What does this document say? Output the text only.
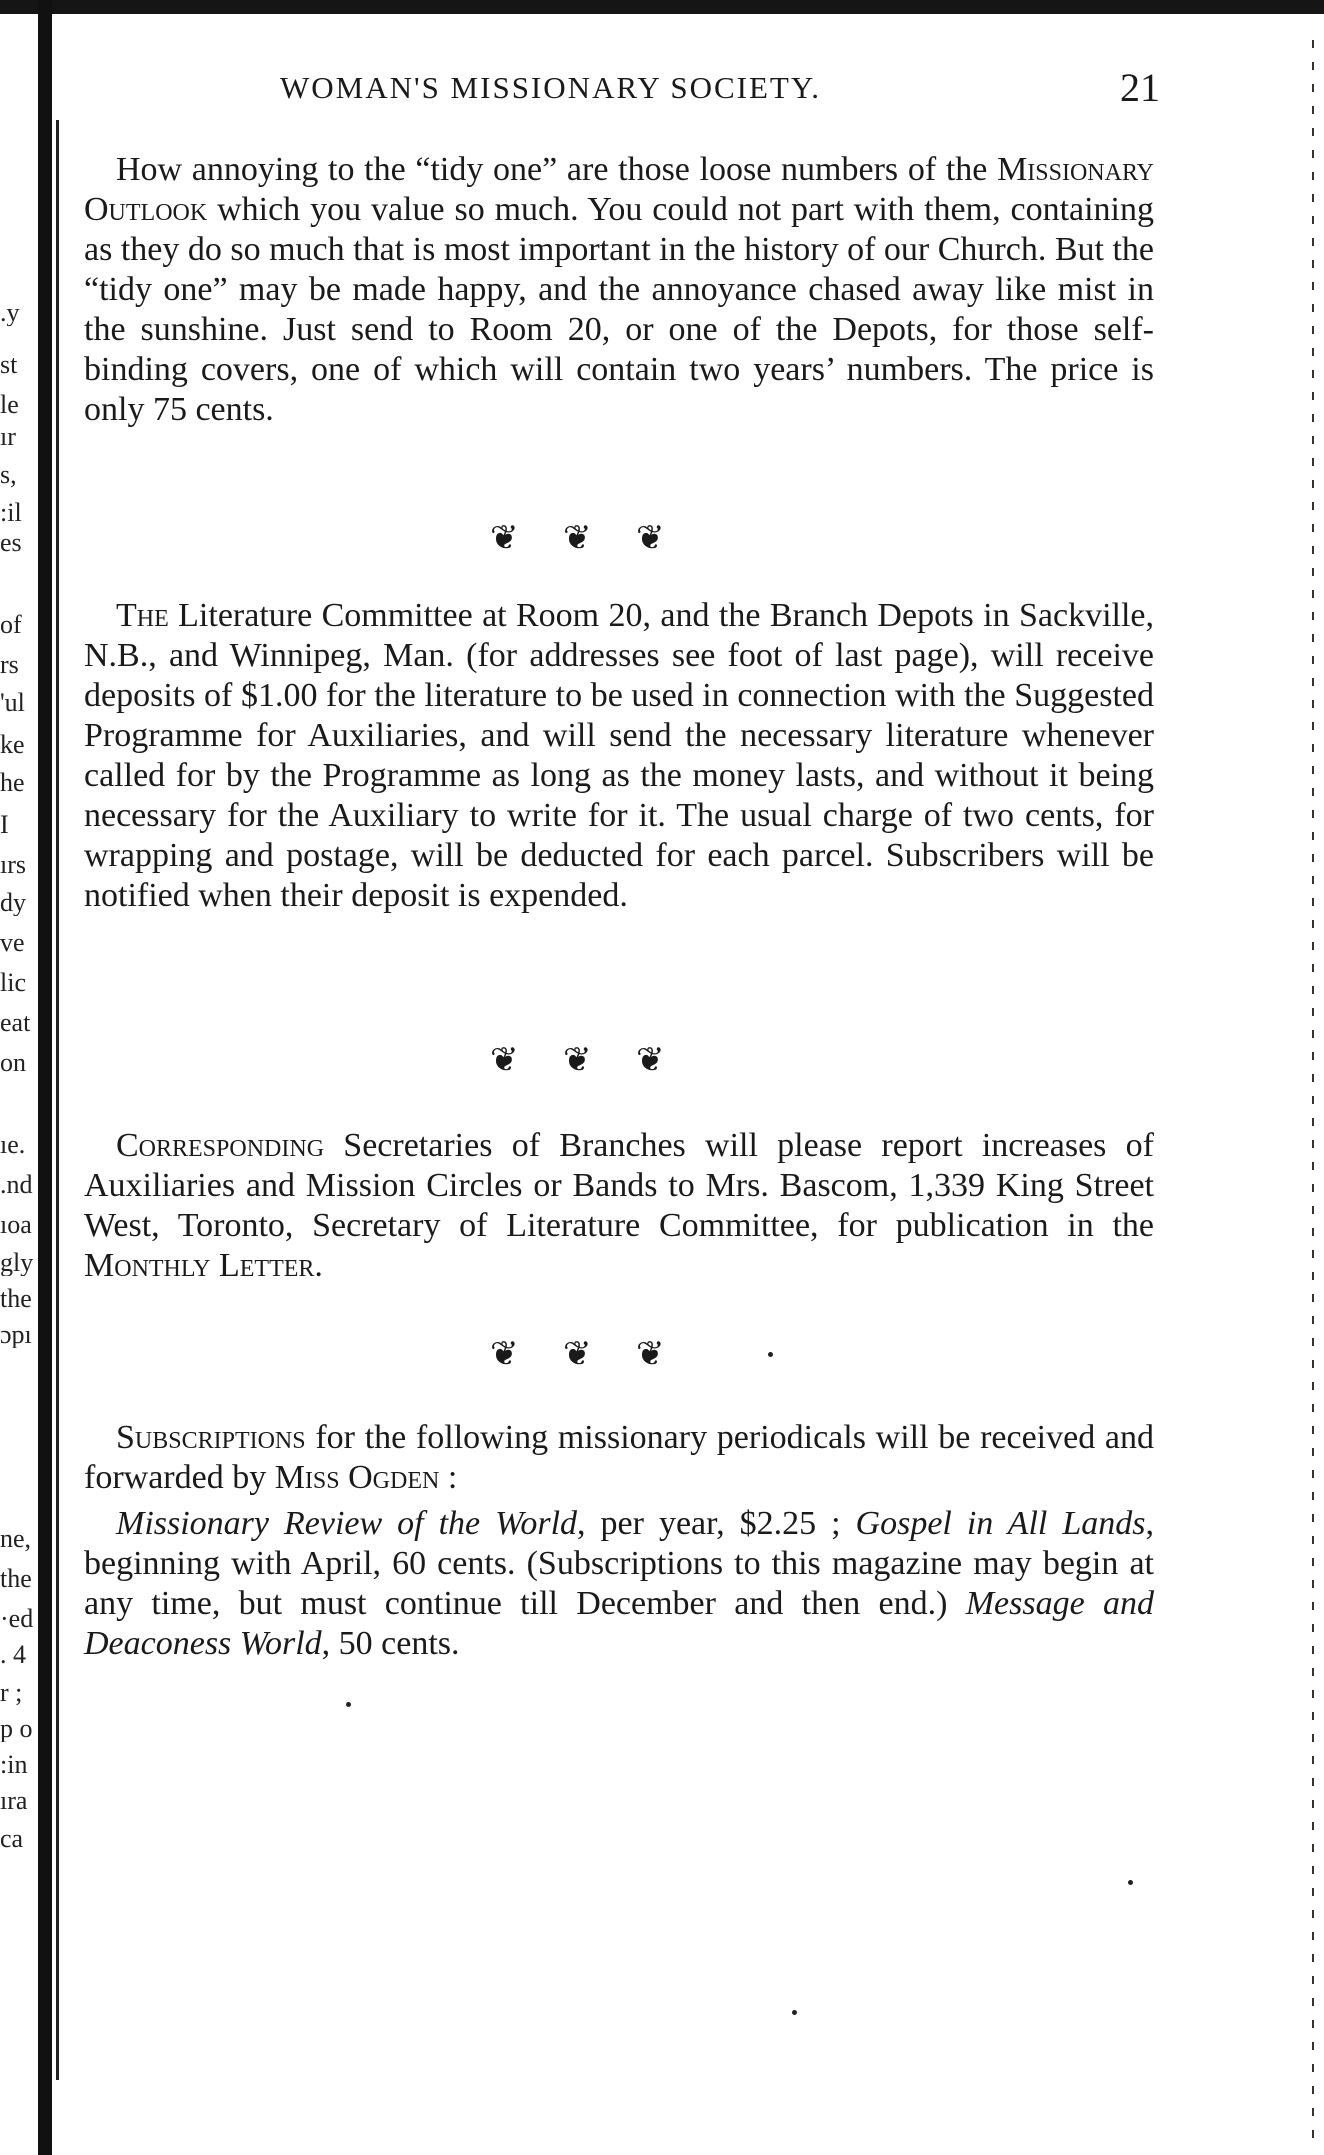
.y
st
le
ır
s,
:il
es
of
rs
'ul
ke
he
I
ırs
dy
ve
lic
eat
on
ıe.
.nd
ıoa
gly
the
ɔpı
ne,
the
·ed
. 4
r ;
p o
:in
ıra
ca
WOMAN'S MISSIONARY SOCIETY.	21

How annoying to the “tidy one” are those loose numbers of the Missionary Outlook which you value so much. You could not part with them, containing as they do so much that is most important in the history of our Church. But the “tidy one” may be made happy, and the annoyance chased away like mist in the sunshine. Just send to Room 20, or one of the Depots, for those self-binding covers, one of which will contain two years’ numbers. The price is only 75 cents.

❦ ❦ ❦

The Literature Committee at Room 20, and the Branch Depots in Sackville, N.B., and Winnipeg, Man. (for addresses see foot of last page), will receive deposits of $1.00 for the literature to be used in connection with the Suggested Programme for Auxiliaries, and will send the necessary literature whenever called for by the Programme as long as the money lasts, and without it being necessary for the Auxiliary to write for it. The usual charge of two cents, for wrapping and postage, will be deducted for each parcel. Subscribers will be notified when their deposit is expended.

❦ ❦ ❦

Corresponding Secretaries of Branches will please report increases of Auxiliaries and Mission Circles or Bands to Mrs. Bascom, 1,339 King Street West, Toronto, Secretary of Literature Committee, for publication in the Monthly Letter.

❦ ❦ ❦

Subscriptions for the following missionary periodicals will be received and forwarded by Miss Ogden :

Missionary Review of the World, per year, $2.25 ; Gospel in All Lands, beginning with April, 60 cents. (Subscriptions to this magazine may begin at any time, but must continue till December and then end.) Message and Deaconess World, 50 cents.
